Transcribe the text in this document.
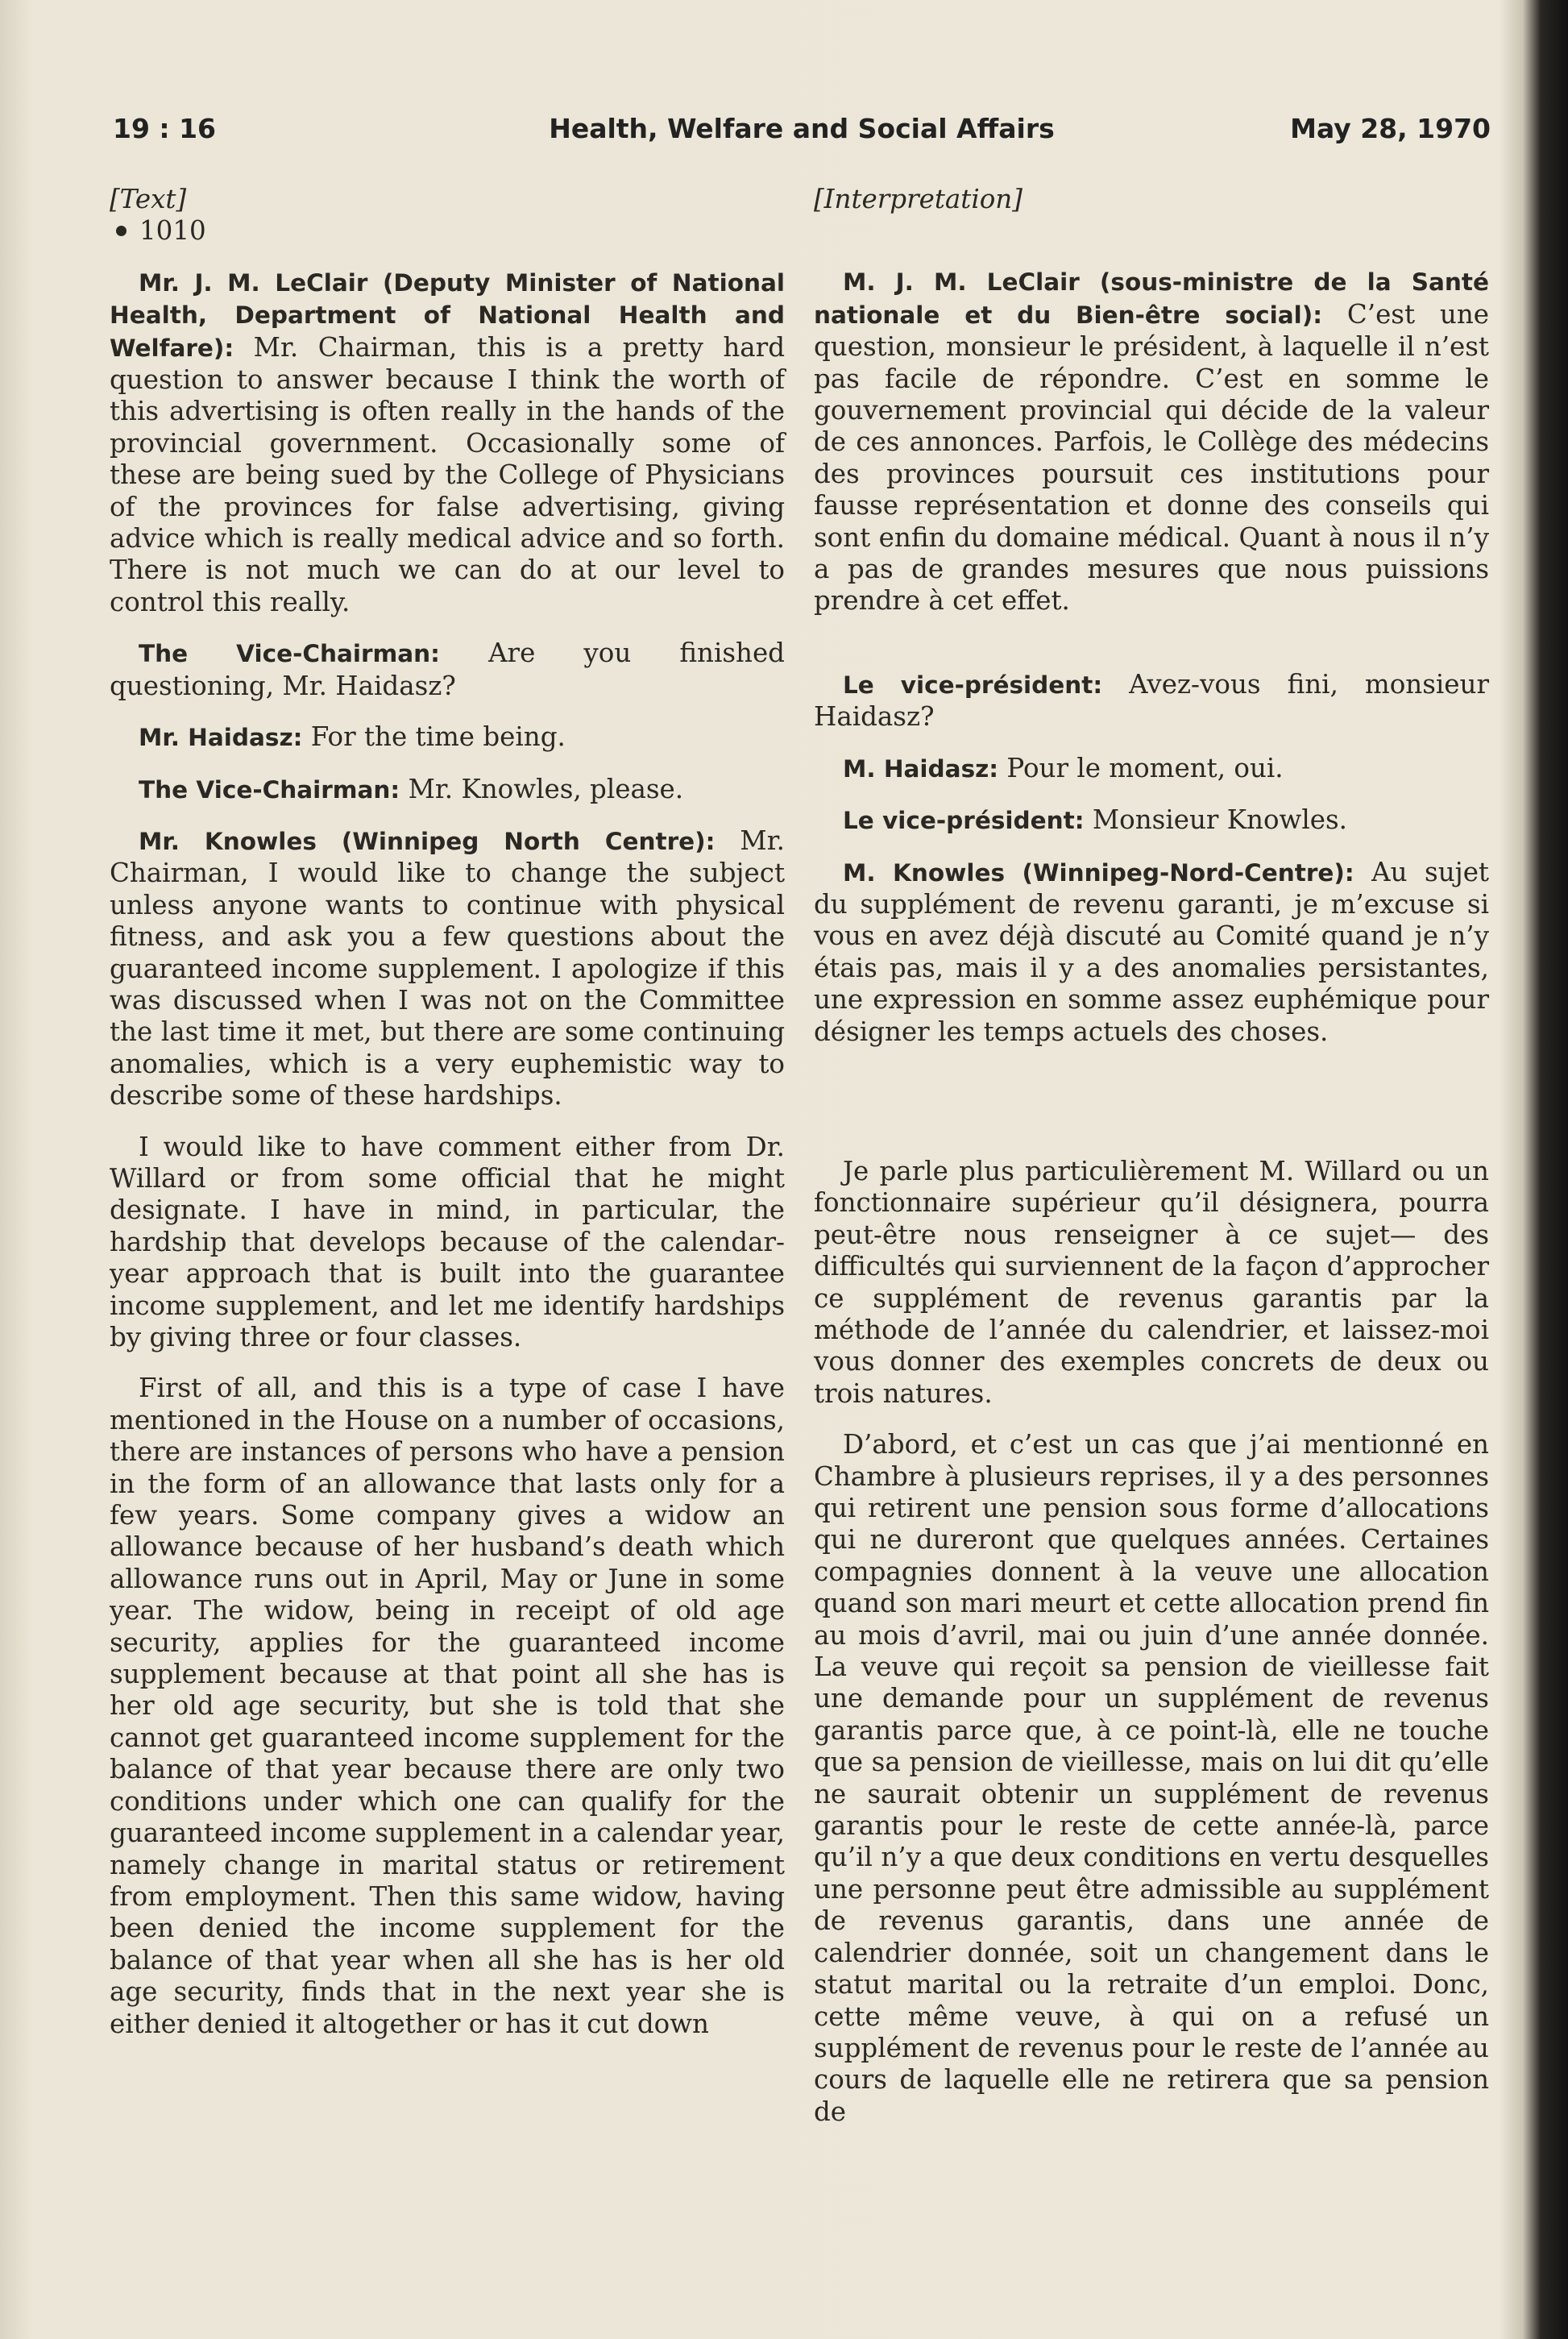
19 : 16	Health, Welfare and Social Affairs	May 28, 1970

[Text]

1010

Mr. J. M. LeClair (Deputy Minister of National Health, Department of National Health and Welfare): Mr. Chairman, this is a pretty hard question to answer because I think the worth of this advertising is often really in the hands of the provincial government. Occasionally some of these are being sued by the College of Physicians of the provinces for false advertising, giving advice which is really medical advice and so forth. There is not much we can do at our level to control this really.

The Vice-Chairman: Are you finished questioning, Mr. Haidasz?

Mr. Haidasz: For the time being.

The Vice-Chairman: Mr. Knowles, please.

Mr. Knowles (Winnipeg North Centre): Mr. Chairman, I would like to change the subject unless anyone wants to continue with physical fitness, and ask you a few questions about the guaranteed income supplement. I apologize if this was discussed when I was not on the Committee the last time it met, but there are some continuing anomalies, which is a very euphemistic way to describe some of these hardships.

I would like to have comment either from Dr. Willard or from some official that he might designate. I have in mind, in particular, the hardship that develops because of the calendar-year approach that is built into the guarantee income supplement, and let me identify hardships by giving three or four classes.

First of all, and this is a type of case I have mentioned in the House on a number of occasions, there are instances of persons who have a pension in the form of an allowance that lasts only for a few years. Some company gives a widow an allowance because of her husband’s death which allowance runs out in April, May or June in some year. The widow, being in receipt of old age security, applies for the guaranteed income supplement because at that point all she has is her old age security, but she is told that she cannot get guaranteed income supplement for the balance of that year because there are only two conditions under which one can qualify for the guaranteed income supplement in a calendar year, namely change in marital status or retirement from employment. Then this same widow, having been denied the income supplement for the balance of that year when all she has is her old age security, finds that in the next year she is either denied it altogether or has it cut down

[Interpretation]

M. J. M. LeClair (sous-ministre de la Santé nationale et du Bien-être social): C’est une question, monsieur le président, à laquelle il n’est pas facile de répondre. C’est en somme le gouvernement provincial qui décide de la valeur de ces annonces. Parfois, le Collège des médecins des provinces poursuit ces institutions pour fausse représentation et donne des conseils qui sont enfin du domaine médical. Quant à nous il n’y a pas de grandes mesures que nous puissions prendre à cet effet.

Le vice-président: Avez-vous fini, monsieur Haidasz?

M. Haidasz: Pour le moment, oui.

Le vice-président: Monsieur Knowles.

M. Knowles (Winnipeg-Nord-Centre): Au sujet du supplément de revenu garanti, je m’excuse si vous en avez déjà discuté au Comité quand je n’y étais pas, mais il y a des anomalies persistantes, une expression en somme assez euphémique pour désigner les temps actuels des choses.

Je parle plus particulièrement M. Willard ou un fonctionnaire supérieur qu’il désignera, pourra peut-être nous renseigner à ce sujet— des difficultés qui surviennent de la façon d’approcher ce supplément de revenus garantis par la méthode de l’année du calendrier, et laissez-moi vous donner des exemples concrets de deux ou trois natures.

D’abord, et c’est un cas que j’ai mentionné en Chambre à plusieurs reprises, il y a des personnes qui retirent une pension sous forme d’allocations qui ne dureront que quelques années. Certaines compagnies donnent à la veuve une allocation quand son mari meurt et cette allocation prend fin au mois d’avril, mai ou juin d’une année donnée. La veuve qui reçoit sa pension de vieillesse fait une demande pour un supplément de revenus garantis parce que, à ce point-là, elle ne touche que sa pension de vieillesse, mais on lui dit qu’elle ne saurait obtenir un supplément de revenus garantis pour le reste de cette année-là, parce qu’il n’y a que deux conditions en vertu desquelles une personne peut être admissible au supplément de revenus garantis, dans une année de calendrier donnée, soit un changement dans le statut marital ou la retraite d’un emploi. Donc, cette même veuve, à qui on a refusé un supplément de revenus pour le reste de l’année au cours de laquelle elle ne retirera que sa pension de
